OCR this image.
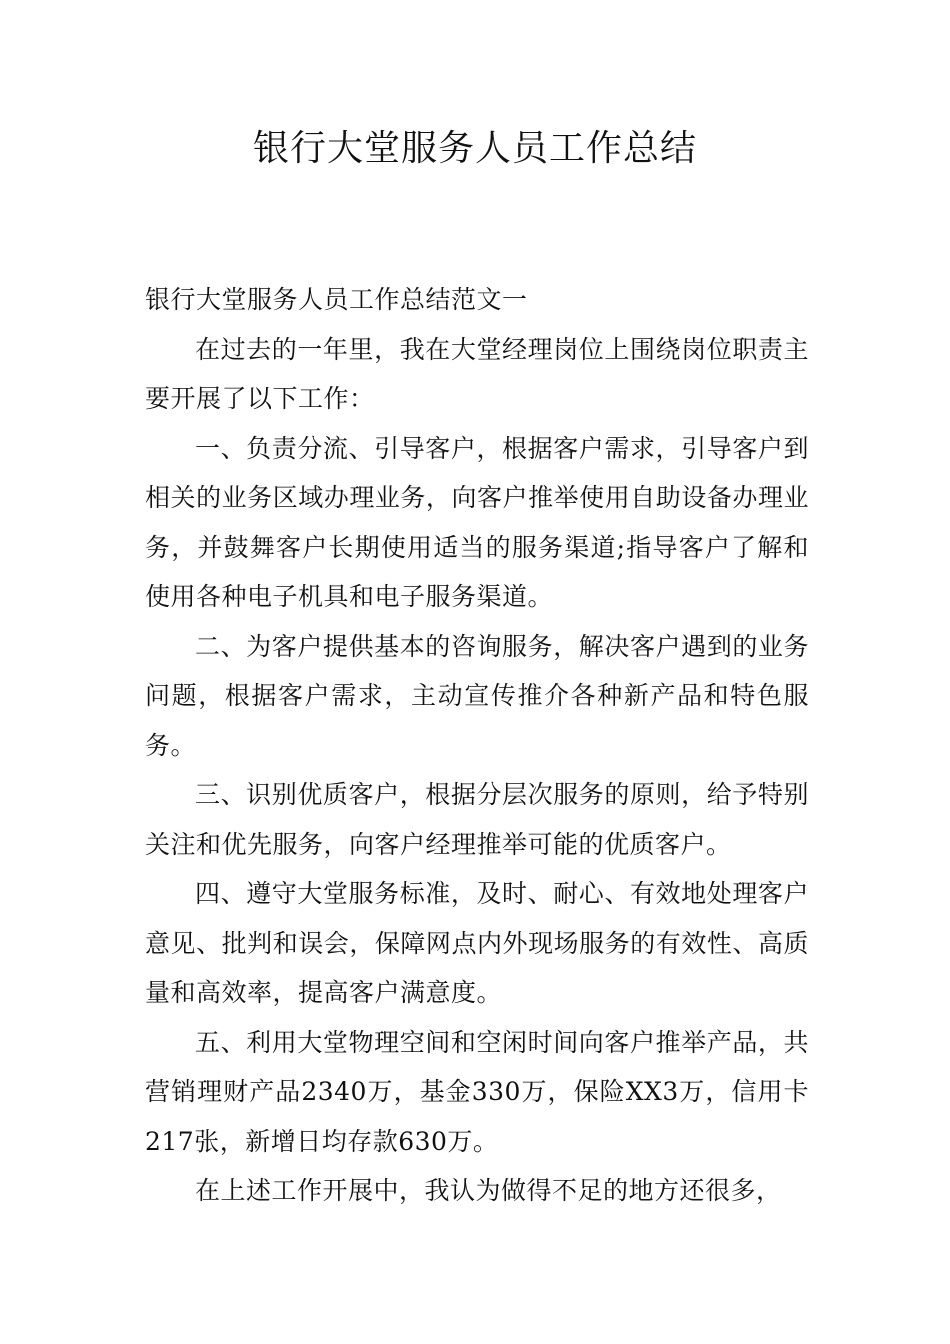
银行大堂服务人员工作总结

银行大堂服务人员工作总结范文一

在过去的一年里，我在大堂经理岗位上围绕岗位职责主要开展了以下工作：

一、负责分流、引导客户，根据客户需求，引导客户到相关的业务区域办理业务，向客户推举使用自助设备办理业务，并鼓舞客户长期使用适当的服务渠道;指导客户了解和使用各种电子机具和电子服务渠道。

二、为客户提供基本的咨询服务，解决客户遇到的业务问题，根据客户需求，主动宣传推介各种新产品和特色服务。

三、识别优质客户，根据分层次服务的原则，给予特别关注和优先服务，向客户经理推举可能的优质客户。

四、遵守大堂服务标准，及时、耐心、有效地处理客户意见、批判和误会，保障网点内外现场服务的有效性、高质量和高效率，提高客户满意度。

五、利用大堂物理空间和空闲时间向客户推举产品，共营销理财产品2340万，基金330万，保险XX3万，信用卡217张，新增日均存款630万。

在上述工作开展中，我认为做得不足的地方还很多，
